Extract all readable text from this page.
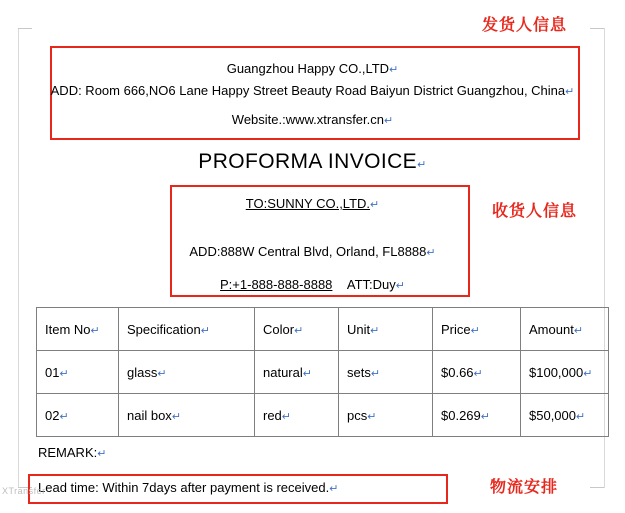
发货人信息
收货人信息
物流安排
Guangzhou Happy CO.,LTD↵
ADD: Room 666,NO6 Lane Happy Street Beauty Road Baiyun District Guangzhou, China↵
Website.:www.xtransfer.cn↵
PROFORMA INVOICE↵
TO:SUNNY CO.,LTD.↵
ADD:888W Central Blvd, Orland, FL8888↵
P:+1-888-888-8888 ATT:Duy↵
Item No↵	Specification↵	Color↵	Unit↵	Price↵	Amount↵
01↵	glass↵	natural↵	sets↵	$0.66↵	$100,000↵
02↵	nail box↵	red↵	pcs↵	$0.269↵	$50,000↵
REMARK:↵
Lead time: Within 7days after payment is received.↵
XTransfer
